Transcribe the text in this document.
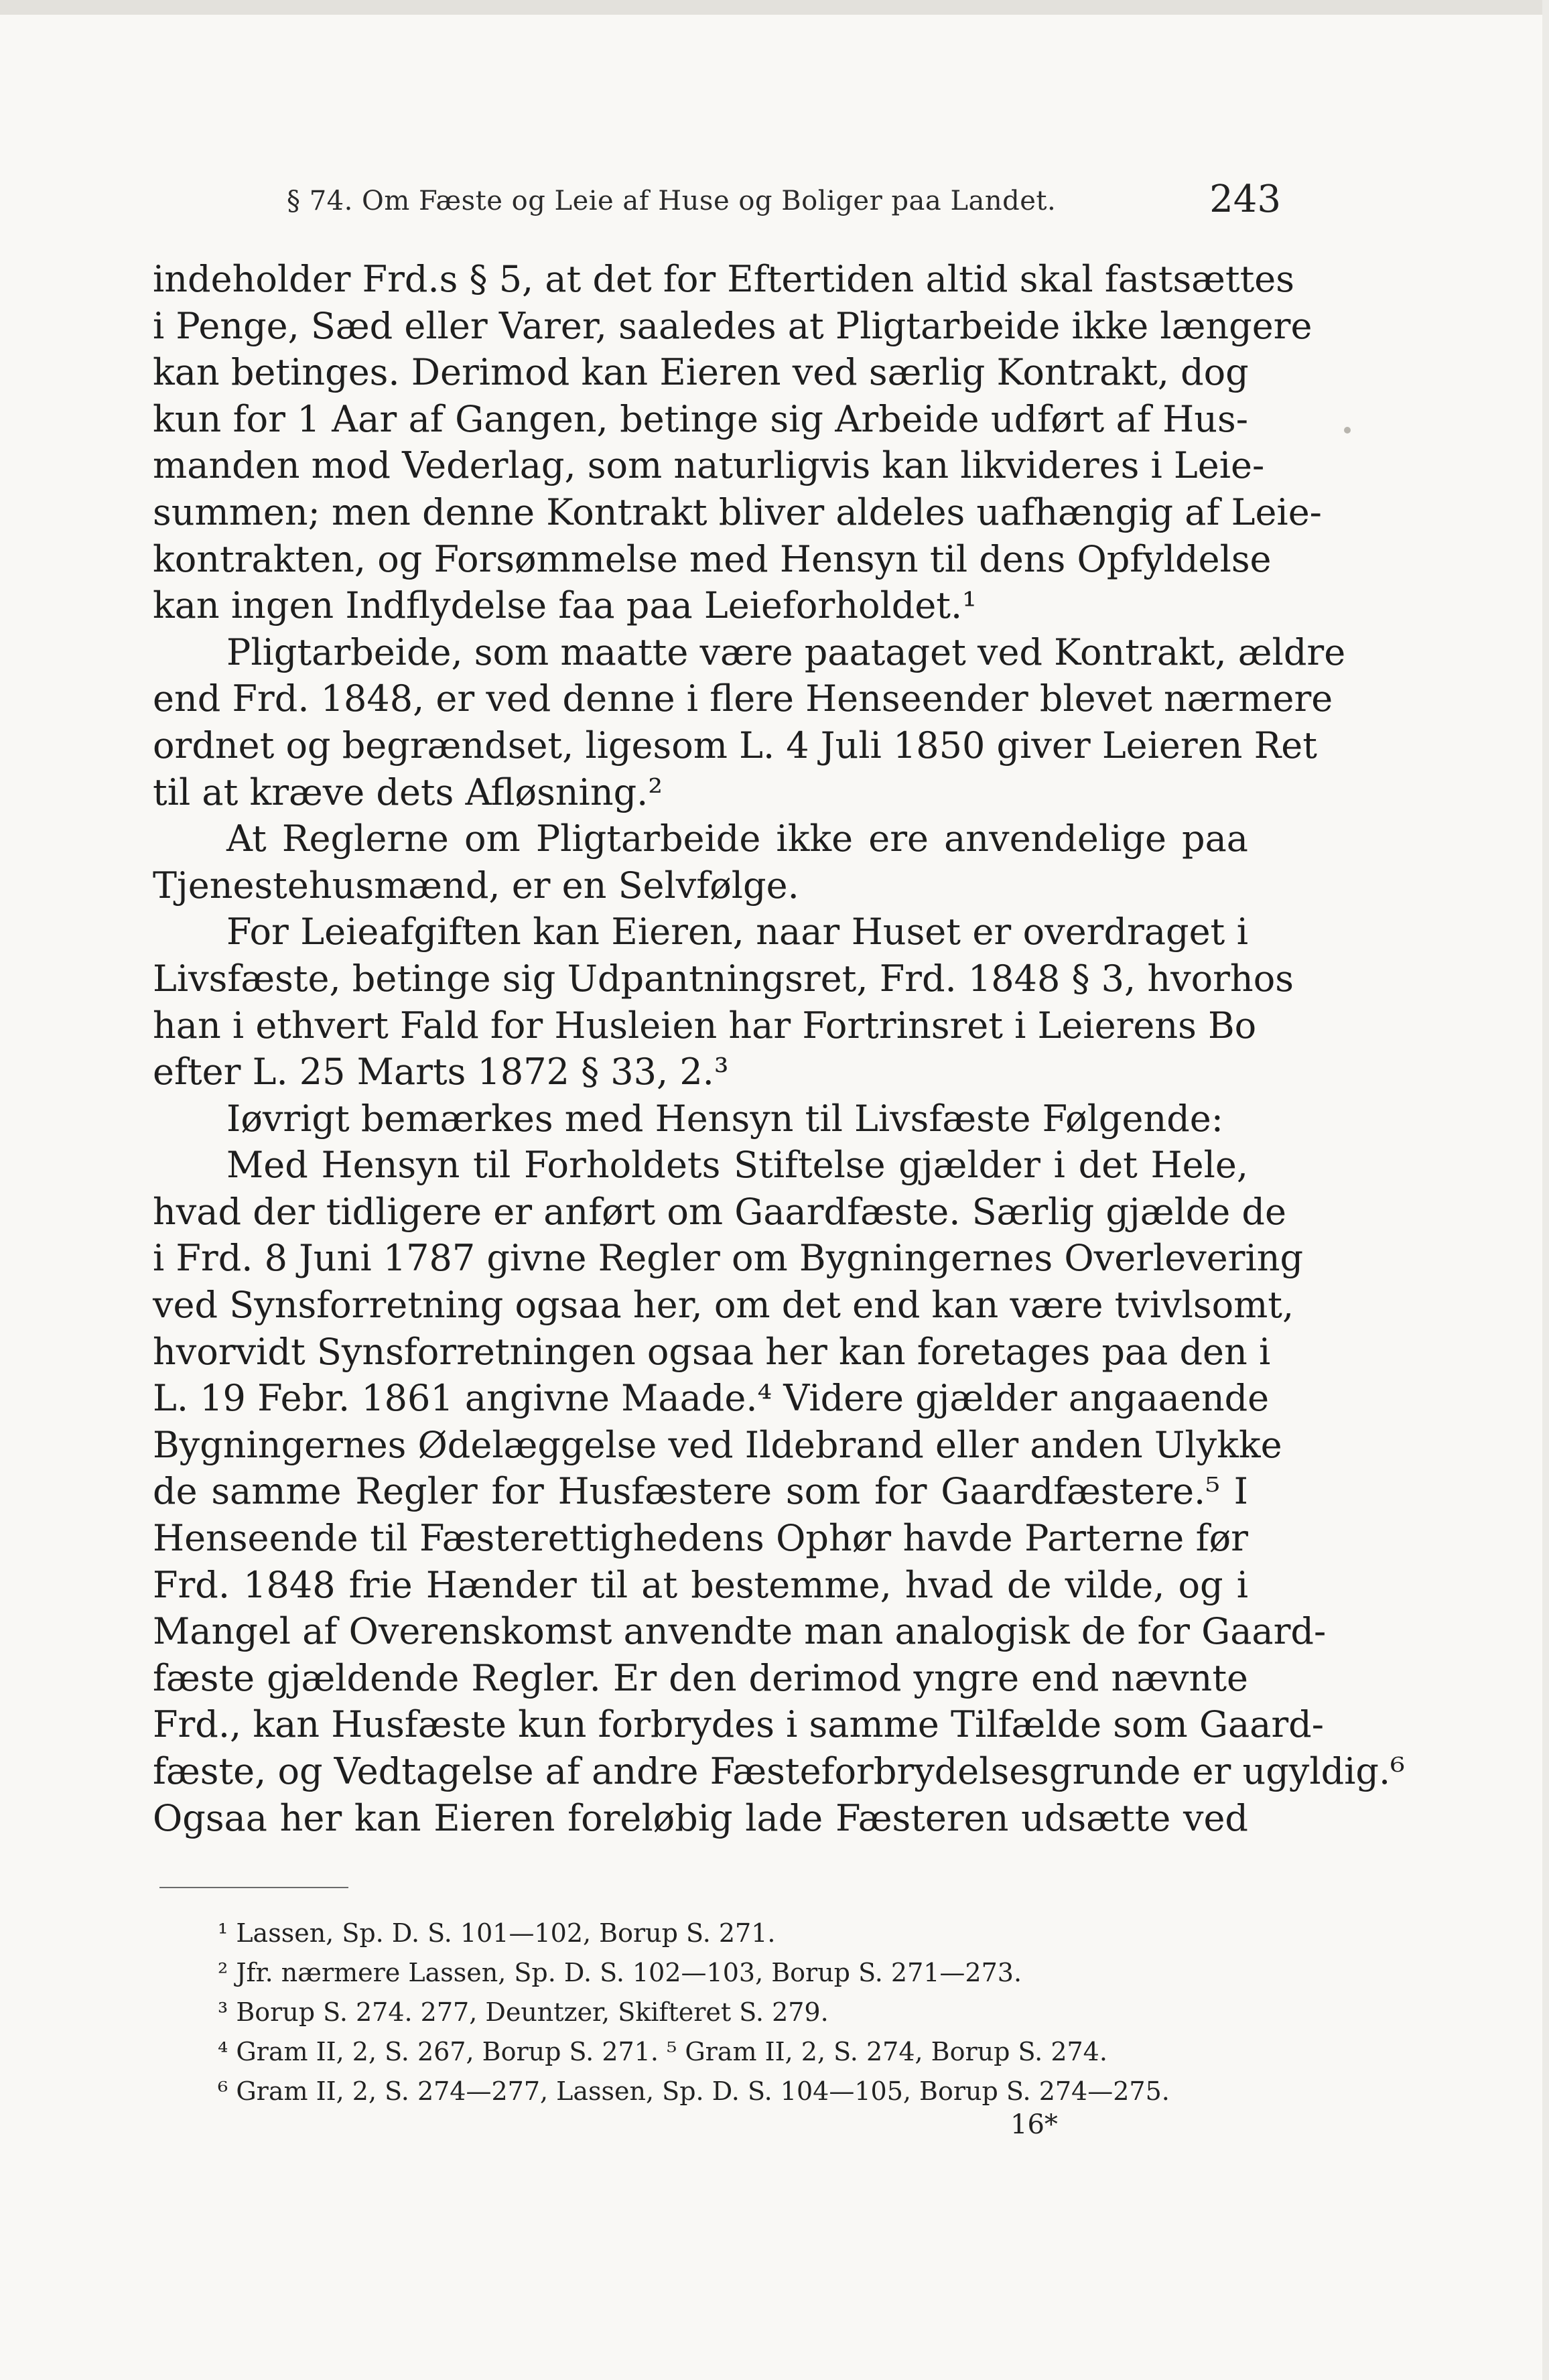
§ 74. Om Fæste og Leie af Huse og Boliger paa Landet.	243
indeholder Frd.s § 5, at det for Eftertiden altid skal fastsættes
i Penge, Sæd eller Varer, saaledes at Pligtarbeide ikke længere
kan betinges. Derimod kan Eieren ved særlig Kontrakt, dog
kun for 1 Aar af Gangen, betinge sig Arbeide udført af Hus-
manden mod Vederlag, som naturligvis kan likvideres i Leie-
summen; men denne Kontrakt bliver aldeles uafhængig af Leie-
kontrakten, og Forsømmelse med Hensyn til dens Opfyldelse
kan ingen Indflydelse faa paa Leieforholdet.¹
Pligtarbeide, som maatte være paataget ved Kontrakt, ældre
end Frd. 1848, er ved denne i flere Henseender blevet nærmere
ordnet og begrændset, ligesom L. 4 Juli 1850 giver Leieren Ret
til at kræve dets Afløsning.²
At Reglerne om Pligtarbeide ikke ere anvendelige paa
Tjenestehusmænd, er en Selvfølge.
For Leieafgiften kan Eieren, naar Huset er overdraget i
Livsfæste, betinge sig Udpantningsret, Frd. 1848 § 3, hvorhos
han i ethvert Fald for Husleien har Fortrinsret i Leierens Bo
efter L. 25 Marts 1872 § 33, 2.³
Iøvrigt bemærkes med Hensyn til Livsfæste Følgende:
Med Hensyn til Forholdets Stiftelse gjælder i det Hele,
hvad der tidligere er anført om Gaardfæste. Særlig gjælde de
i Frd. 8 Juni 1787 givne Regler om Bygningernes Overlevering
ved Synsforretning ogsaa her, om det end kan være tvivlsomt,
hvorvidt Synsforretningen ogsaa her kan foretages paa den i
L. 19 Febr. 1861 angivne Maade.⁴ Videre gjælder angaaende
Bygningernes Ødelæggelse ved Ildebrand eller anden Ulykke
de samme Regler for Husfæstere som for Gaardfæstere.⁵ I
Henseende til Fæsterettighedens Ophør havde Parterne før
Frd. 1848 frie Hænder til at bestemme, hvad de vilde, og i
Mangel af Overenskomst anvendte man analogisk de for Gaard-
fæste gjældende Regler. Er den derimod yngre end nævnte
Frd., kan Husfæste kun forbrydes i samme Tilfælde som Gaard-
fæste, og Vedtagelse af andre Fæsteforbrydelsesgrunde er ugyldig.⁶
Ogsaa her kan Eieren foreløbig lade Fæsteren udsætte ved
¹ Lassen, Sp. D. S. 101—102, Borup S. 271.
² Jfr. nærmere Lassen, Sp. D. S. 102—103, Borup S. 271—273.
³ Borup S. 274. 277, Deuntzer, Skifteret S. 279.
⁴ Gram II, 2, S. 267, Borup S. 271. ⁵ Gram II, 2, S. 274, Borup S. 274.
⁶ Gram II, 2, S. 274—277, Lassen, Sp. D. S. 104—105, Borup S. 274—275.
16*
